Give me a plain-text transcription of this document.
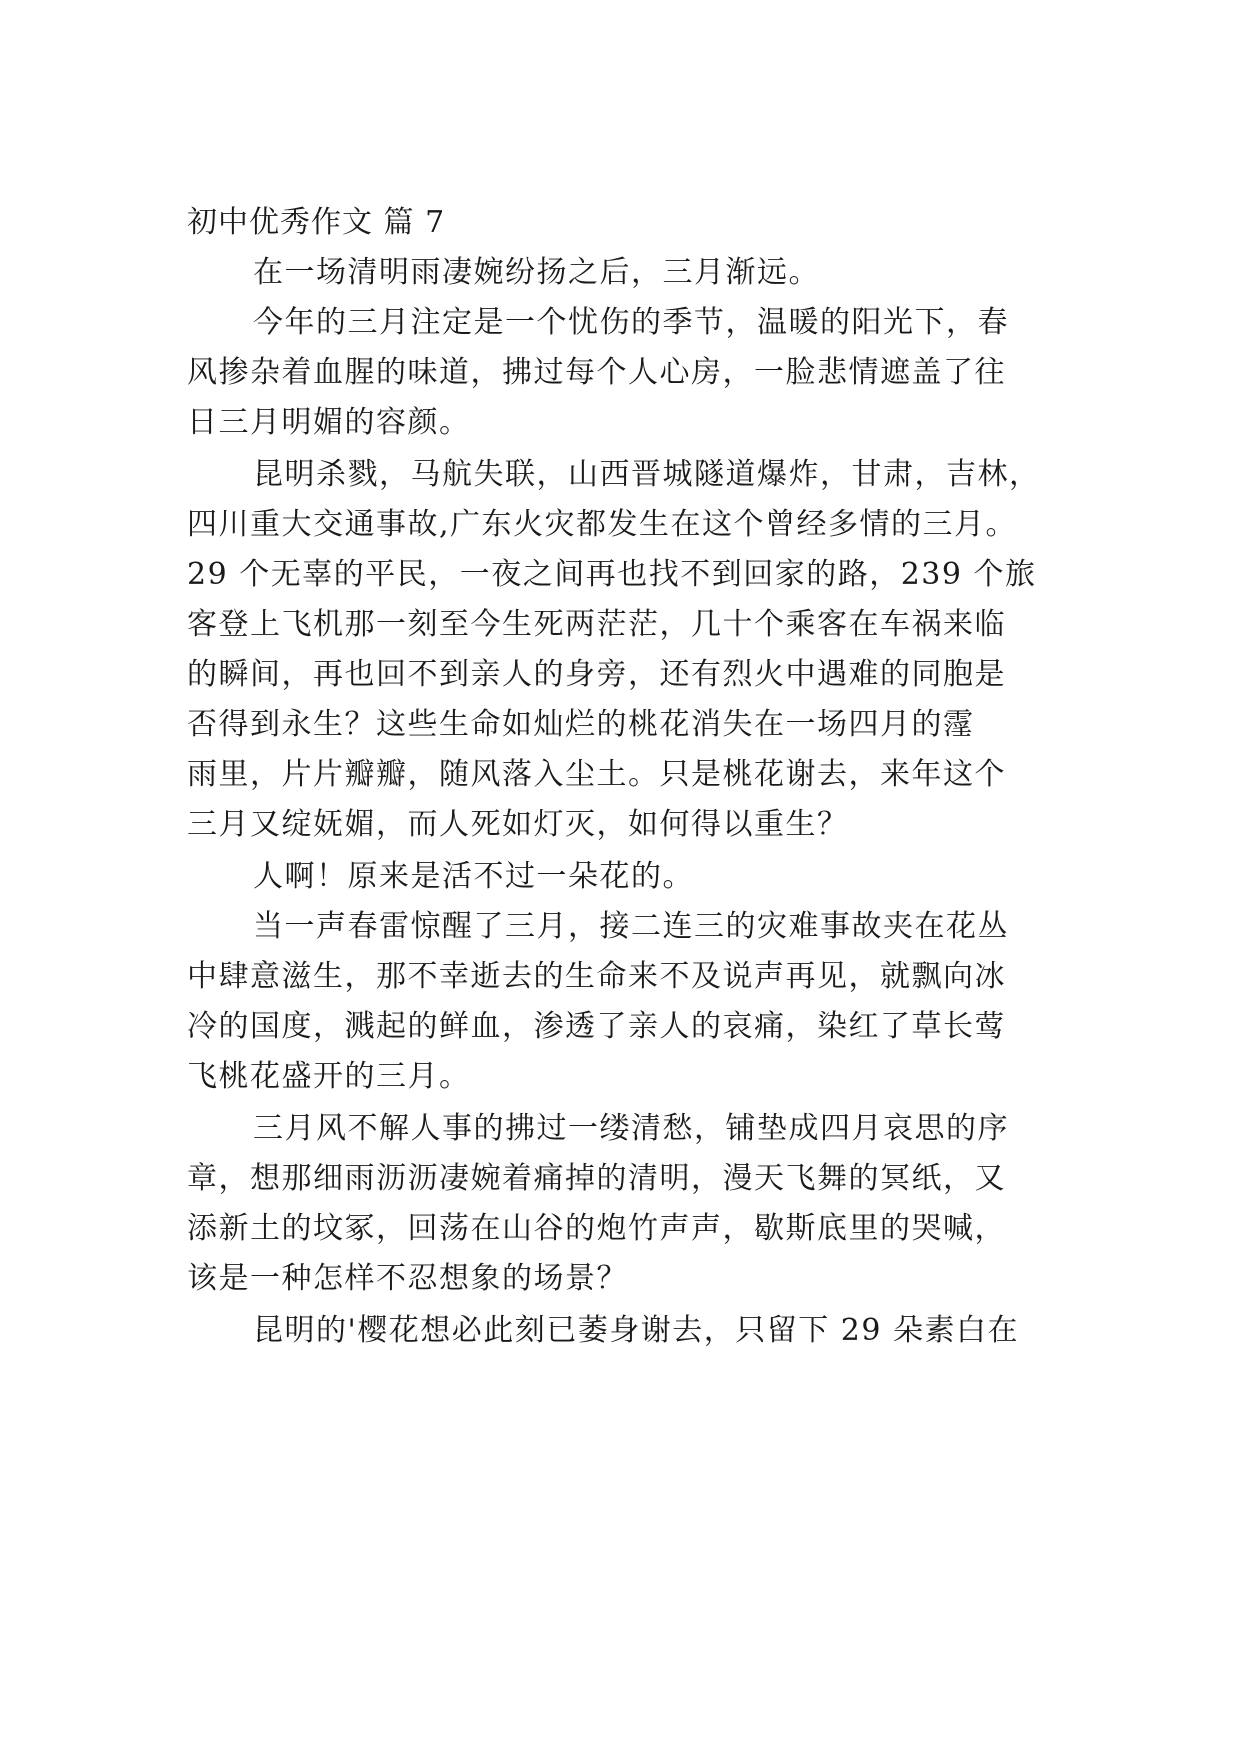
初中优秀作文 篇 7

在一场清明雨凄婉纷扬之后，三月渐远。

今年的三月注定是一个忧伤的季节，温暖的阳光下，春

风掺杂着血腥的味道，拂过每个人心房，一脸悲情遮盖了往

日三月明媚的容颜。

昆明杀戮，马航失联，山西晋城隧道爆炸，甘肃，吉林，

四川重大交通事故,广东火灾都发生在这个曾经多情的三月。

29 个无辜的平民，一夜之间再也找不到回家的路，239 个旅

客登上飞机那一刻至今生死两茫茫，几十个乘客在车祸来临

的瞬间，再也回不到亲人的身旁，还有烈火中遇难的同胞是

否得到永生？这些生命如灿烂的桃花消失在一场四月的霪

雨里，片片瓣瓣，随风落入尘土。只是桃花谢去，来年这个

三月又绽妩媚，而人死如灯灭，如何得以重生？

人啊！原来是活不过一朵花的。

当一声春雷惊醒了三月，接二连三的灾难事故夹在花丛

中肆意滋生，那不幸逝去的生命来不及说声再见，就飘向冰

冷的国度，溅起的鲜血，渗透了亲人的哀痛，染红了草长莺

飞桃花盛开的三月。

三月风不解人事的拂过一缕清愁，铺垫成四月哀思的序

章，想那细雨沥沥凄婉着痛掉的清明，漫天飞舞的冥纸，又

添新土的坟冢，回荡在山谷的炮竹声声，歇斯底里的哭喊，

该是一种怎样不忍想象的场景？

昆明的'樱花想必此刻已萎身谢去，只留下 29 朵素白在
